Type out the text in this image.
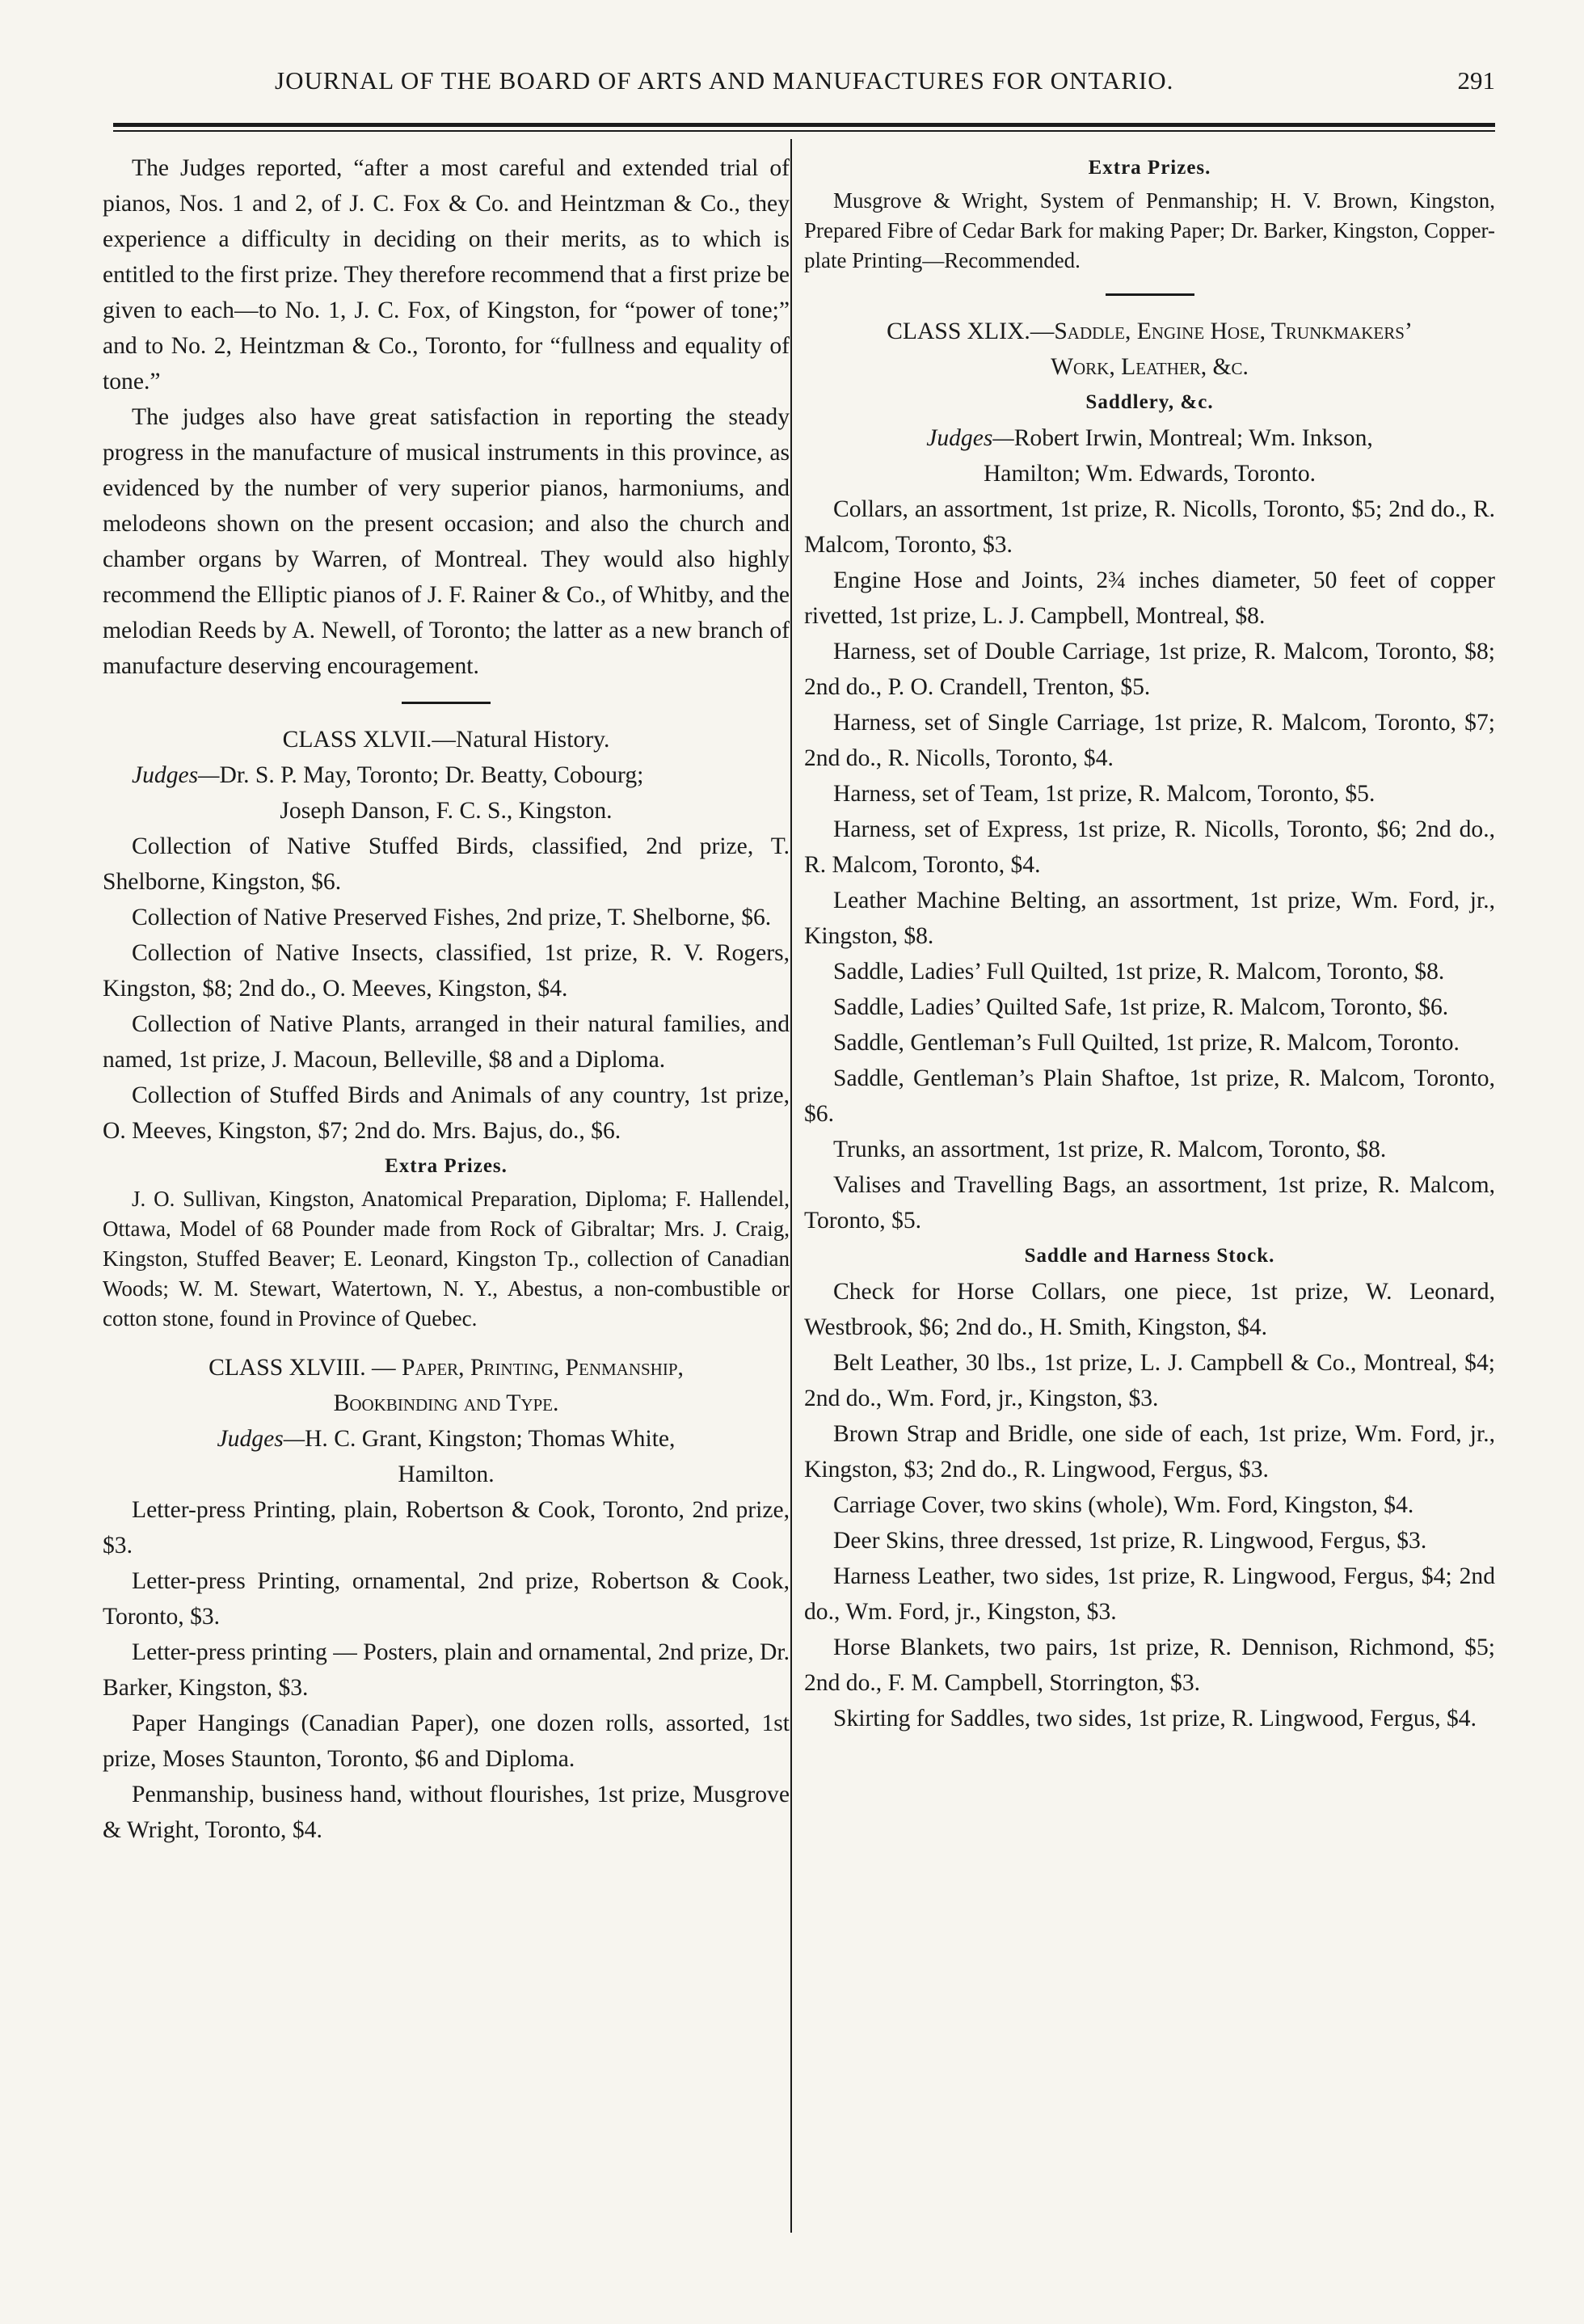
JOURNAL OF THE BOARD OF ARTS AND MANUFACTURES FOR ONTARIO.	291

The Judges reported, “after a most careful and extended trial of pianos, Nos. 1 and 2, of J. C. Fox & Co. and Heintzman & Co., they experience a difficulty in deciding on their merits, as to which is entitled to the first prize. They therefore recommend that a first prize be given to each—to No. 1, J. C. Fox, of Kingston, for “power of tone;” and to No. 2, Heintzman & Co., Toronto, for “fullness and equality of tone.”

The judges also have great satisfaction in reporting the steady progress in the manufacture of musical instruments in this province, as evidenced by the number of very superior pianos, harmoniums, and melodeons shown on the present occasion; and also the church and chamber organs by Warren, of Montreal. They would also highly recommend the Elliptic pianos of J. F. Rainer & Co., of Whitby, and the melodian Reeds by A. Newell, of Toronto; the latter as a new branch of manufacture deserving encouragement.

CLASS XLVII.—Natural History.

Judges—Dr. S. P. May, Toronto; Dr. Beatty, Cobourg;

Joseph Danson, F. C. S., Kingston.

Collection of Native Stuffed Birds, classified, 2nd prize, T. Shelborne, Kingston, $6.

Collection of Native Preserved Fishes, 2nd prize, T. Shelborne, $6.

Collection of Native Insects, classified, 1st prize, R. V. Rogers, Kingston, $8; 2nd do., O. Meeves, Kingston, $4.

Collection of Native Plants, arranged in their natural families, and named, 1st prize, J. Macoun, Belleville, $8 and a Diploma.

Collection of Stuffed Birds and Animals of any country, 1st prize, O. Meeves, Kingston, $7; 2nd do. Mrs. Bajus, do., $6.

Extra Prizes.

J. O. Sullivan, Kingston, Anatomical Preparation, Diploma; F. Hallendel, Ottawa, Model of 68 Pounder made from Rock of Gibraltar; Mrs. J. Craig, Kingston, Stuffed Beaver; E. Leonard, Kingston Tp., collection of Canadian Woods; W. M. Stewart, Watertown, N. Y., Abestus, a non-combustible or cotton stone, found in Province of Quebec.

CLASS XLVIII. — Paper, Printing, Penmanship,

Bookbinding and Type.

Judges—H. C. Grant, Kingston; Thomas White,

Hamilton.

Letter-press Printing, plain, Robertson & Cook, Toronto, 2nd prize, $3.

Letter-press Printing, ornamental, 2nd prize, Robertson & Cook, Toronto, $3.

Letter-press printing — Posters, plain and ornamental, 2nd prize, Dr. Barker, Kingston, $3.

Paper Hangings (Canadian Paper), one dozen rolls, assorted, 1st prize, Moses Staunton, Toronto, $6 and Diploma.

Penmanship, business hand, without flourishes, 1st prize, Musgrove & Wright, Toronto, $4.

Extra Prizes.

Musgrove & Wright, System of Penmanship; H. V. Brown, Kingston, Prepared Fibre of Cedar Bark for making Paper; Dr. Barker, Kingston, Copper-plate Printing—Recommended.

CLASS XLIX.—Saddle, Engine Hose, Trunkmakers’

Work, Leather, &c.

Saddlery, &c.

Judges—Robert Irwin, Montreal; Wm. Inkson,

Hamilton; Wm. Edwards, Toronto.

Collars, an assortment, 1st prize, R. Nicolls, Toronto, $5; 2nd do., R. Malcom, Toronto, $3.

Engine Hose and Joints, 2¾ inches diameter, 50 feet of copper rivetted, 1st prize, L. J. Campbell, Montreal, $8.

Harness, set of Double Carriage, 1st prize, R. Malcom, Toronto, $8; 2nd do., P. O. Crandell, Trenton, $5.

Harness, set of Single Carriage, 1st prize, R. Malcom, Toronto, $7; 2nd do., R. Nicolls, Toronto, $4.

Harness, set of Team, 1st prize, R. Malcom, Toronto, $5.

Harness, set of Express, 1st prize, R. Nicolls, Toronto, $6; 2nd do., R. Malcom, Toronto, $4.

Leather Machine Belting, an assortment, 1st prize, Wm. Ford, jr., Kingston, $8.

Saddle, Ladies’ Full Quilted, 1st prize, R. Malcom, Toronto, $8.

Saddle, Ladies’ Quilted Safe, 1st prize, R. Malcom, Toronto, $6.

Saddle, Gentleman’s Full Quilted, 1st prize, R. Malcom, Toronto.

Saddle, Gentleman’s Plain Shaftoe, 1st prize, R. Malcom, Toronto, $6.

Trunks, an assortment, 1st prize, R. Malcom, Toronto, $8.

Valises and Travelling Bags, an assortment, 1st prize, R. Malcom, Toronto, $5.

Saddle and Harness Stock.

Check for Horse Collars, one piece, 1st prize, W. Leonard, Westbrook, $6; 2nd do., H. Smith, Kingston, $4.

Belt Leather, 30 lbs., 1st prize, L. J. Campbell & Co., Montreal, $4; 2nd do., Wm. Ford, jr., Kingston, $3.

Brown Strap and Bridle, one side of each, 1st prize, Wm. Ford, jr., Kingston, $3; 2nd do., R. Lingwood, Fergus, $3.

Carriage Cover, two skins (whole), Wm. Ford, Kingston, $4.

Deer Skins, three dressed, 1st prize, R. Lingwood, Fergus, $3.

Harness Leather, two sides, 1st prize, R. Lingwood, Fergus, $4; 2nd do., Wm. Ford, jr., Kingston, $3.

Horse Blankets, two pairs, 1st prize, R. Dennison, Richmond, $5; 2nd do., F. M. Campbell, Storrington, $3.

Skirting for Saddles, two sides, 1st prize, R. Lingwood, Fergus, $4.
